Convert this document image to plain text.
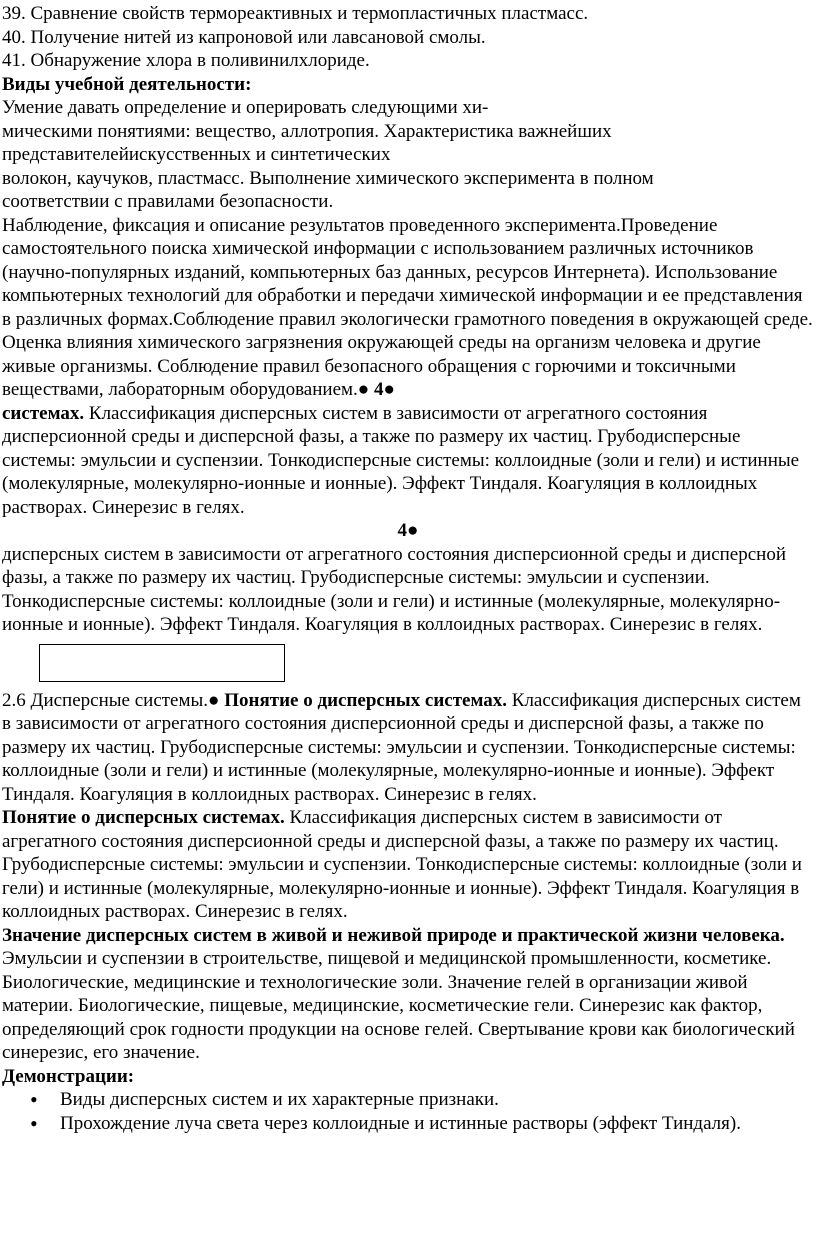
39. Сравнение свойств термореактивных и термопластичных пластмасс.

40. Получение нитей из капроновой или лавсановой смолы.

41. Обнаружение хлора в поливинилхлориде.

Виды учебной деятельности:

Умение давать определение и оперировать следующими хи-

мическими понятиями: вещество, аллотропия. Характеристика важнейших

представителейискусственных и синтетических

волокон, каучуков, пластмасс. Выполнение химического эксперимента в полном

соответствии с правилами безопасности.

Наблюдение, фиксация и описание результатов проведенного эксперимента.Проведение самостоятельного поиска химической информации с использованием различных источников (научно-популярных изданий, компьютерных баз данных, ресурсов Интернета). Использование компьютерных технологий для обработки и передачи химической информации и ее представления в различных формах.Соблюдение правил экологически грамотного поведения в окружающей среде. Оценка влияния химического загрязнения окружающей среды на организм человека и другие живые организмы. Соблюдение правил безопасного обращения с горючими и токсичными веществами, лабораторным оборудованием.● 4●

системах. Классификация дисперсных систем в зависимости от агрегатного состояния дисперсионной среды и дисперсной фазы, а также по размеру их частиц. Грубодисперсные системы: эмульсии и суспензии. Тонкодисперсные системы: коллоидные (золи и гели) и истинные (молекулярные, молекулярно-ионные и ионные). Эффект Тиндаля. Коагуляция в коллоидных растворах. Синерезис в гелях.

4●

дисперсных систем в зависимости от агрегатного состояния дисперсионной среды и дисперсной фазы, а также по размеру их частиц. Грубодисперсные системы: эмульсии и суспензии. Тонкодисперсные системы: коллоидные (золи и гели) и истинные (молекулярные, молекулярно-ионные и ионные). Эффект Тиндаля. Коагуляция в коллоидных растворах. Синерезис в гелях.

2.6 Дисперсные системы.● Понятие о дисперсных системах. Классификация дисперсных систем в зависимости от агрегатного состояния дисперсионной среды и дисперсной фазы, а также по размеру их частиц. Грубодисперсные системы: эмульсии и суспензии. Тонкодисперсные системы: коллоидные (золи и гели) и истинные (молекулярные, молекулярно-ионные и ионные). Эффект Тиндаля. Коагуляция в коллоидных растворах. Синерезис в гелях.

Понятие о дисперсных системах. Классификация дисперсных систем в зависимости от агрегатного состояния дисперсионной среды и дисперсной фазы, а также по размеру их частиц. Грубодисперсные системы: эмульсии и суспензии. Тонкодисперсные системы: коллоидные (золи и гели) и истинные (молекулярные, молекулярно-ионные и ионные). Эффект Тиндаля. Коагуляция в коллоидных растворах. Синерезис в гелях.

Значение дисперсных систем в живой и неживой природе и практической жизни человека. Эмульсии и суспензии в строительстве, пищевой и медицинской промышленности, косметике. Биологические, медицинские и технологические золи. Значение гелей в организации живой материи. Биологические, пищевые, медицинские, косметические гели. Синерезис как фактор, определяющий срок годности продукции на основе гелей. Свертывание крови как биологический синерезис, его значение.

Демонстрации:

• Виды дисперсных систем и их характерные признаки.
• Прохождение луча света через коллоидные и истинные растворы (эффект Тиндаля).
